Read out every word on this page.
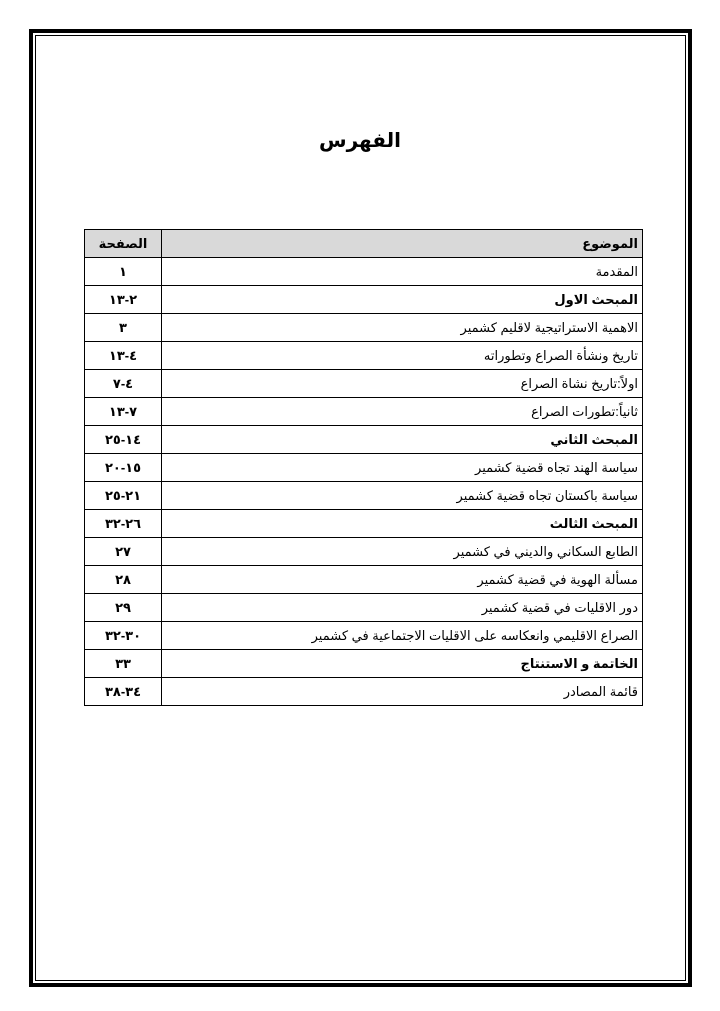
الفهرس
الموضوع	الصفحة
المقدمة	١
المبحث الاول	٢-١٣
الاهمية الاستراتيجية لاقليم كشمير	٣
تاريخ ونشأة الصراع وتطوراته	٤-١٣
اولاً:تاريخ نشاة الصراع	٤-٧
ثانياً:تطورات الصراع	٧-١٣
المبحث الثاني	١٤-٢٥
سياسة الهند تجاه قضية كشمير	١٥-٢٠
سياسة باكستان تجاه قضية كشمير	٢١-٢٥
المبحث الثالث	٢٦-٣٢
الطابع السكاني والديني في كشمير	٢٧
مسألة الهوية في قضية كشمير	٢٨
دور الاقليات في قضية كشمير	٢٩
الصراع الاقليمي وانعكاسه على الاقليات الاجتماعية في كشمير	٣٠-٣٢
الخاتمة و الاستنتاج	٣٣
قائمة المصادر	٣٤-٣٨
